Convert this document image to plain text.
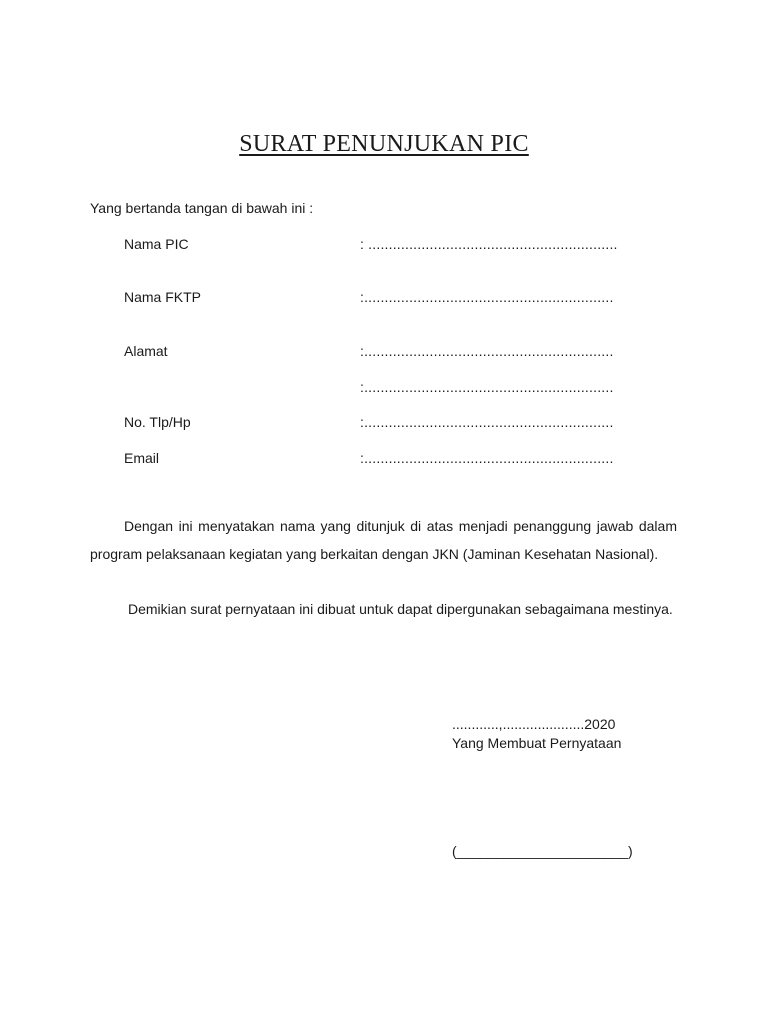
SURAT PENUNJUKAN PIC
Yang bertanda tangan di bawah ini :
Nama PIC	: .............................................................
Nama FKTP	:.............................................................
Alamat	:.............................................................
:.............................................................
No. Tlp/Hp	:.............................................................
Email	:.............................................................
Dengan ini menyatakan nama yang ditunjuk di atas menjadi penanggung jawab dalam program pelaksanaan kegiatan yang berkaitan dengan JKN (Jaminan Kesehatan Nasional).
Demikian surat pernyataan ini dibuat untuk dapat dipergunakan sebagaimana mestinya.
............,.....................2020
Yang Membuat Pernyataan
(______________________)
